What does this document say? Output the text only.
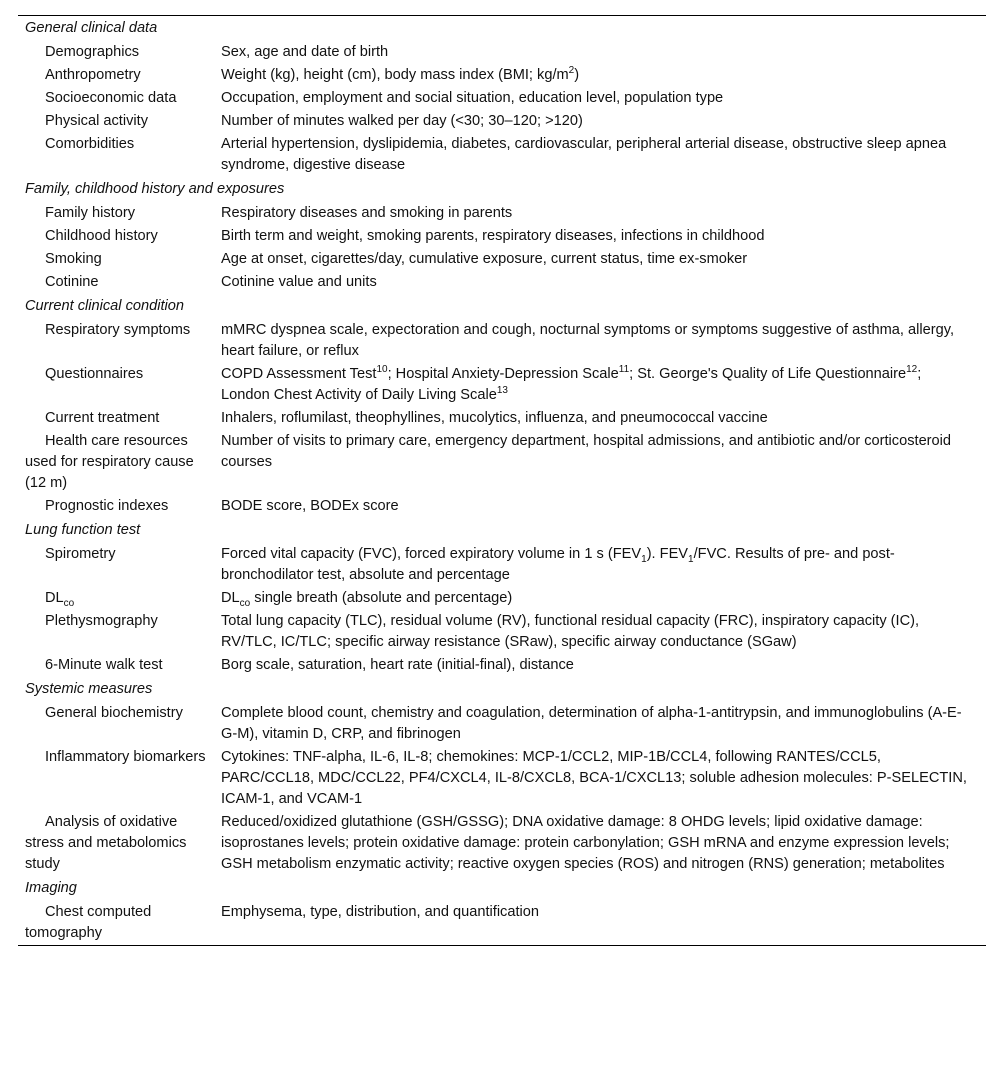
General clinical data	
Demographics	Sex, age and date of birth
Anthropometry	Weight (kg), height (cm), body mass index (BMI; $kg/m^2$)
Socioeconomic data	Occupation, employment and social situation, education level, population type
Physical activity	Number of minutes walked per day (<30; 30–120; >120)
Comorbidities	Arterial hypertension, dyslipidemia, diabetes, cardiovascular, peripheral arterial disease, obstructive sleep apnea syndrome, digestive disease
Family, childhood history and exposures	
Family history	Respiratory diseases and smoking in parents
Childhood history	Birth term and weight, smoking parents, respiratory diseases, infections in childhood
Smoking	Age at onset, cigarettes/day, cumulative exposure, current status, time ex-smoker
Cotinine	Cotinine value and units
Current clinical condition	
Respiratory symptoms	mMRC dyspnea scale, expectoration and cough, nocturnal symptoms or symptoms suggestive of asthma, allergy, heart failure, or reflux
Questionnaires	COPD Assessment Test$^{10}$; Hospital Anxiety-Depression Scale$^{11}$; St. George's Quality of Life Questionnaire$^{12}$; London Chest Activity of Daily Living Scale$^{13}$
Current treatment	Inhalers, roflumilast, theophyllines, mucolytics, influenza, and pneumococcal vaccine
Health care resources used for respiratory cause (12 m)	Number of visits to primary care, emergency department, hospital admissions, and antibiotic and/or corticosteroid courses
Prognostic indexes	BODE score, BODEx score
Lung function test	
Spirometry	Forced vital capacity (FVC), forced expiratory volume in 1 s $(FEV_1)$. $FEV_1$/FVC. Results of pre- and post-bronchodilator test, absolute and percentage
$DL_{co}$	$DL_{co}$ single breath (absolute and percentage)
Plethysmography	Total lung capacity (TLC), residual volume (RV), functional residual capacity (FRC), inspiratory capacity (IC), RV/TLC, IC/TLC; specific airway resistance (SRaw), specific airway conductance (SGaw)
6-Minute walk test	Borg scale, saturation, heart rate (initial-final), distance
Systemic measures	
General biochemistry	Complete blood count, chemistry and coagulation, determination of alpha-1-antitrypsin, and immunoglobulins (A-E-G-M), vitamin D, CRP, and fibrinogen
Inflammatory biomarkers	Cytokines: TNF-alpha, IL-6, IL-8; chemokines: MCP-1/CCL2, MIP-1B/CCL4, following RANTES/CCL5, PARC/CCL18, MDC/CCL22, PF4/CXCL4, IL-8/CXCL8, BCA-1/CXCL13; soluble adhesion molecules: P-SELECTIN, ICAM-1, and VCAM-1
Analysis of oxidative stress and metabolomics study	Reduced/oxidized glutathione (GSH/GSSG); DNA oxidative damage: 8 OHDG levels; lipid oxidative damage: isoprostanes levels; protein oxidative damage: protein carbonylation; GSH mRNA and enzyme expression levels; GSH metabolism enzymatic activity; reactive oxygen species (ROS) and nitrogen (RNS) generation; metabolites
Imaging	
Chest computed tomography	Emphysema, type, distribution, and quantification
